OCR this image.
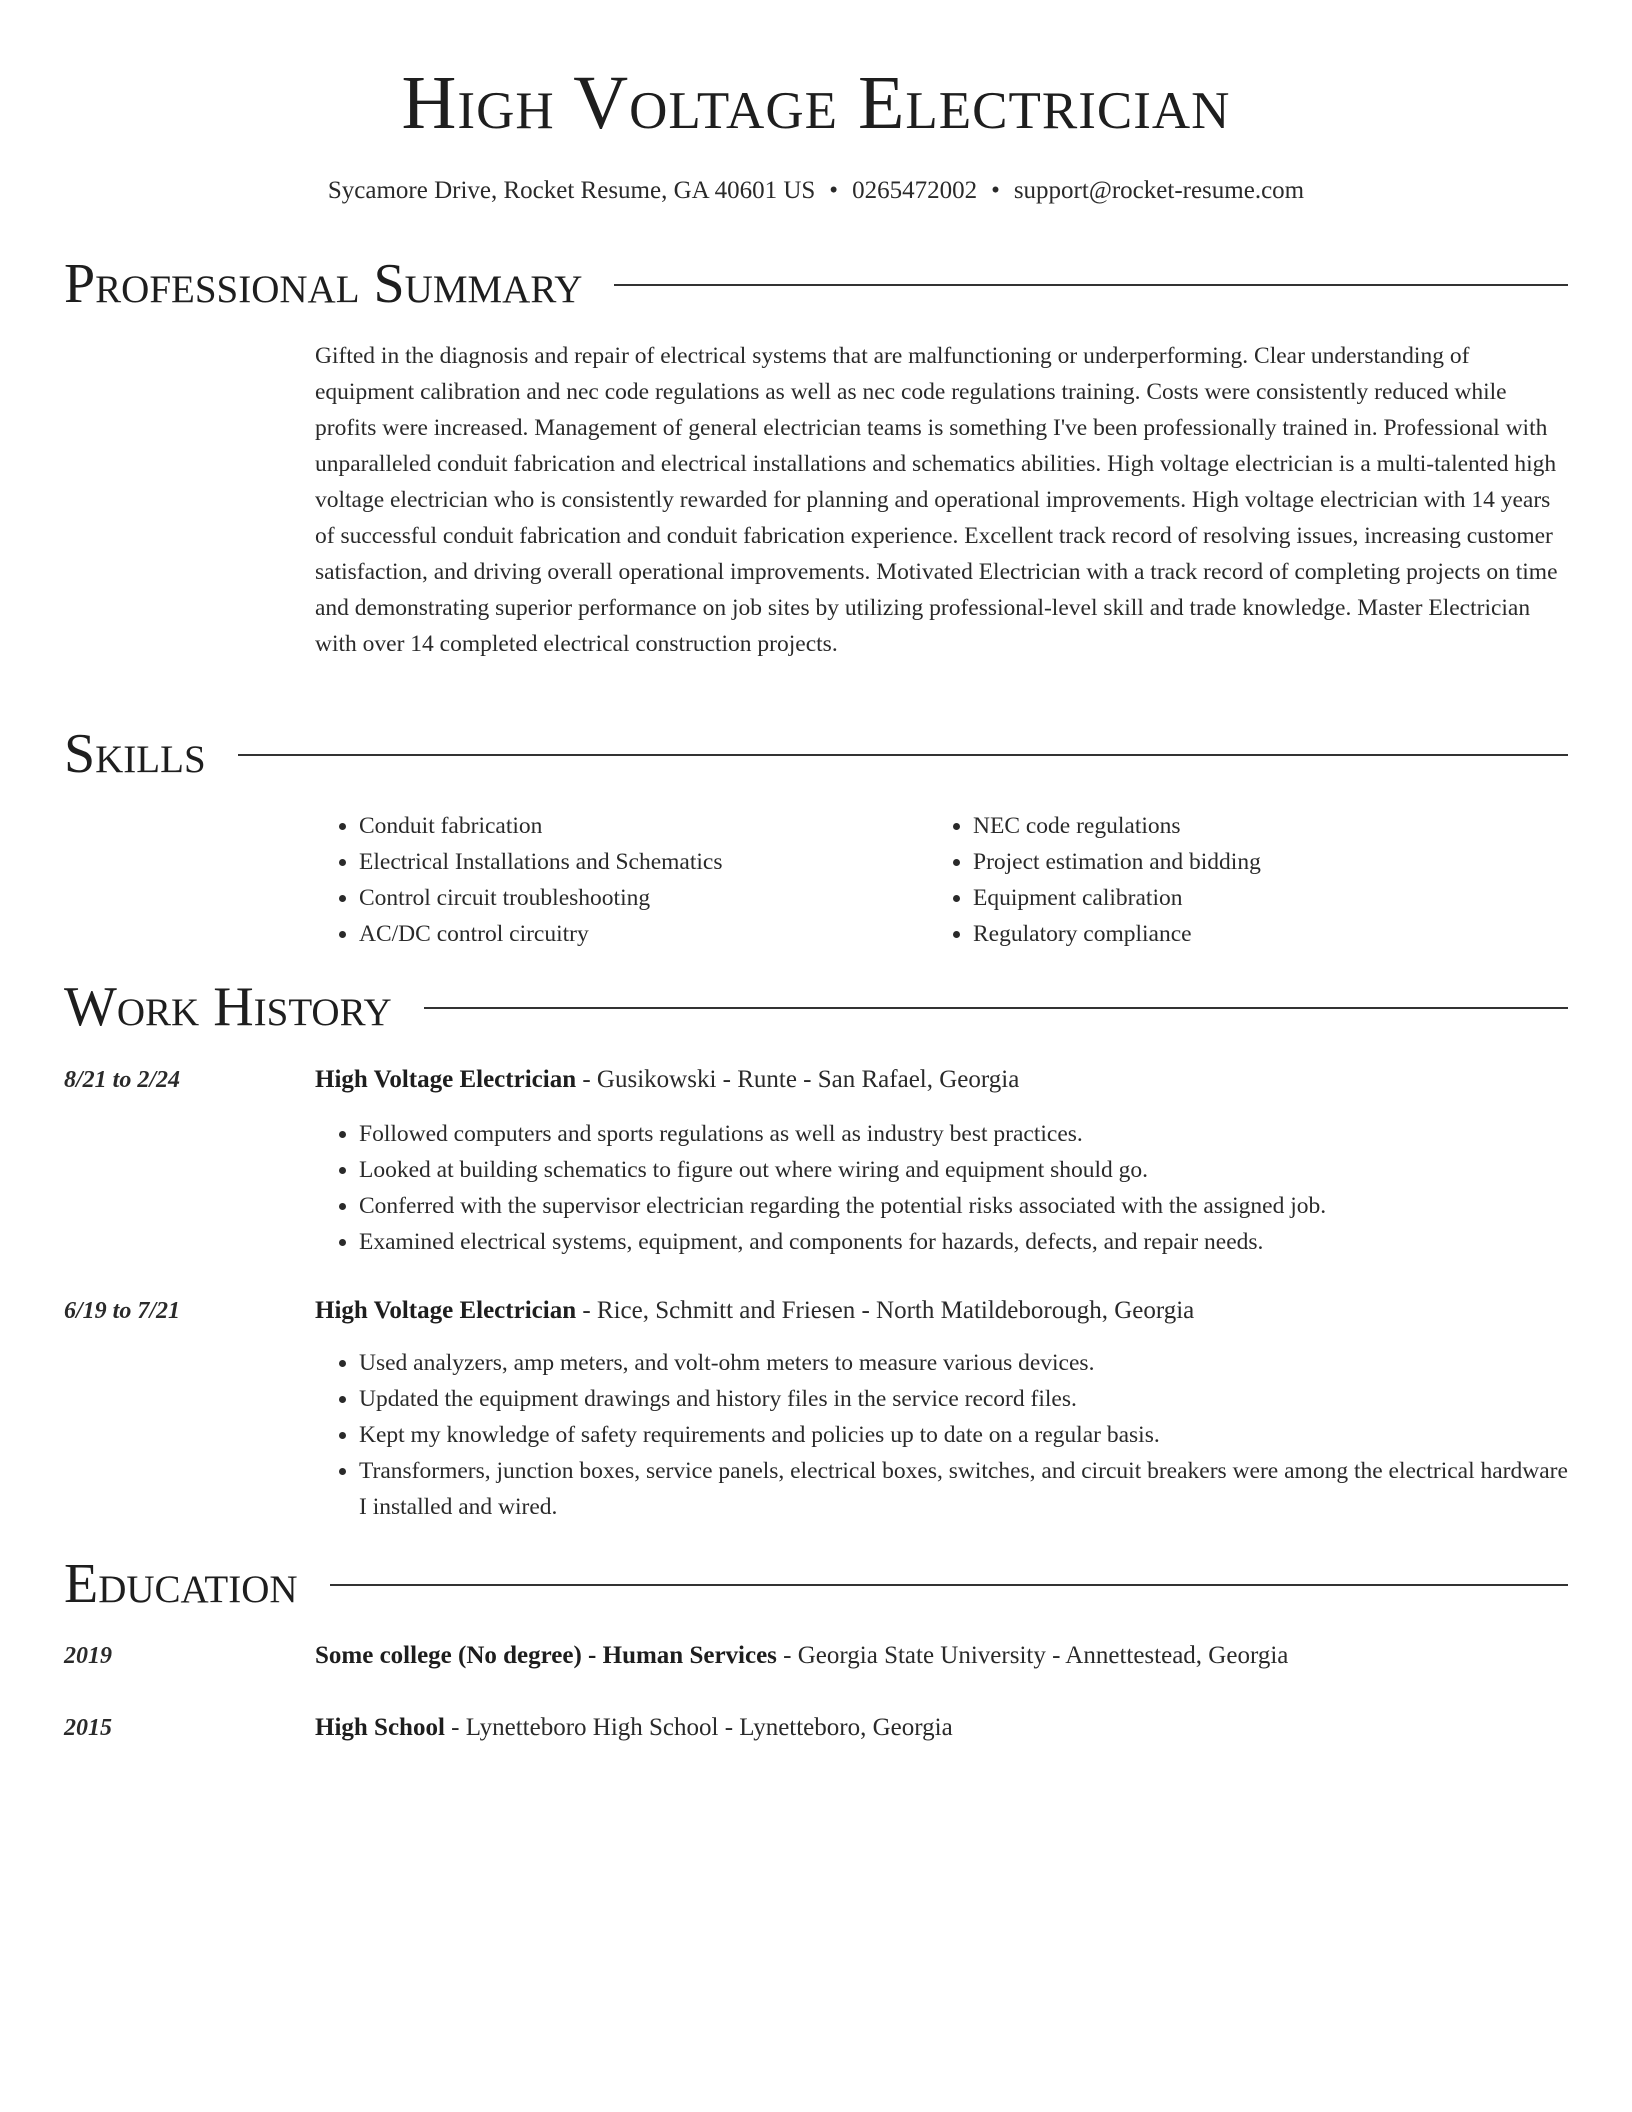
High Voltage Electrician
Sycamore Drive, Rocket Resume, GA 40601 US • 0265472002 • support@rocket-resume.com
Professional Summary

Gifted in the diagnosis and repair of electrical systems that are malfunctioning or underperforming. Clear understanding of equipment calibration and nec code regulations as well as nec code regulations training. Costs were consistently reduced while profits were increased. Management of general electrician teams is something I've been professionally trained in. Professional with unparalleled conduit fabrication and electrical installations and schematics abilities. High voltage electrician is a multi-talented high voltage electrician who is consistently rewarded for planning and operational improvements. High voltage electrician with 14 years of successful conduit fabrication and conduit fabrication experience. Excellent track record of resolving issues, increasing customer satisfaction, and driving overall operational improvements. Motivated Electrician with a track record of completing projects on time and demonstrating superior performance on job sites by utilizing professional-level skill and trade knowledge. Master Electrician with over 14 completed electrical construction projects.

Skills
• Conduit fabrication
• Electrical Installations and Schematics
• Control circuit troubleshooting
• AC/DC control circuitry
• NEC code regulations
• Project estimation and bidding
• Equipment calibration
• Regulatory compliance
Work History
8/21 to 2/24	High Voltage Electrician - Gusikowski - Runte - San Rafael, Georgia
• Followed computers and sports regulations as well as industry best practices.
• Looked at building schematics to figure out where wiring and equipment should go.
• Conferred with the supervisor electrician regarding the potential risks associated with the assigned job.
• Examined electrical systems, equipment, and components for hazards, defects, and repair needs.
6/19 to 7/21	High Voltage Electrician - Rice, Schmitt and Friesen - North Matildeborough, Georgia
• Used analyzers, amp meters, and volt-ohm meters to measure various devices.
• Updated the equipment drawings and history files in the service record files.
• Kept my knowledge of safety requirements and policies up to date on a regular basis.
• Transformers, junction boxes, service panels, electrical boxes, switches, and circuit breakers were among the electrical hardware I installed and wired.
Education
2019	Some college (No degree) - Human Services - Georgia State University - Annettestead, Georgia
2015	High School - Lynetteboro High School - Lynetteboro, Georgia
